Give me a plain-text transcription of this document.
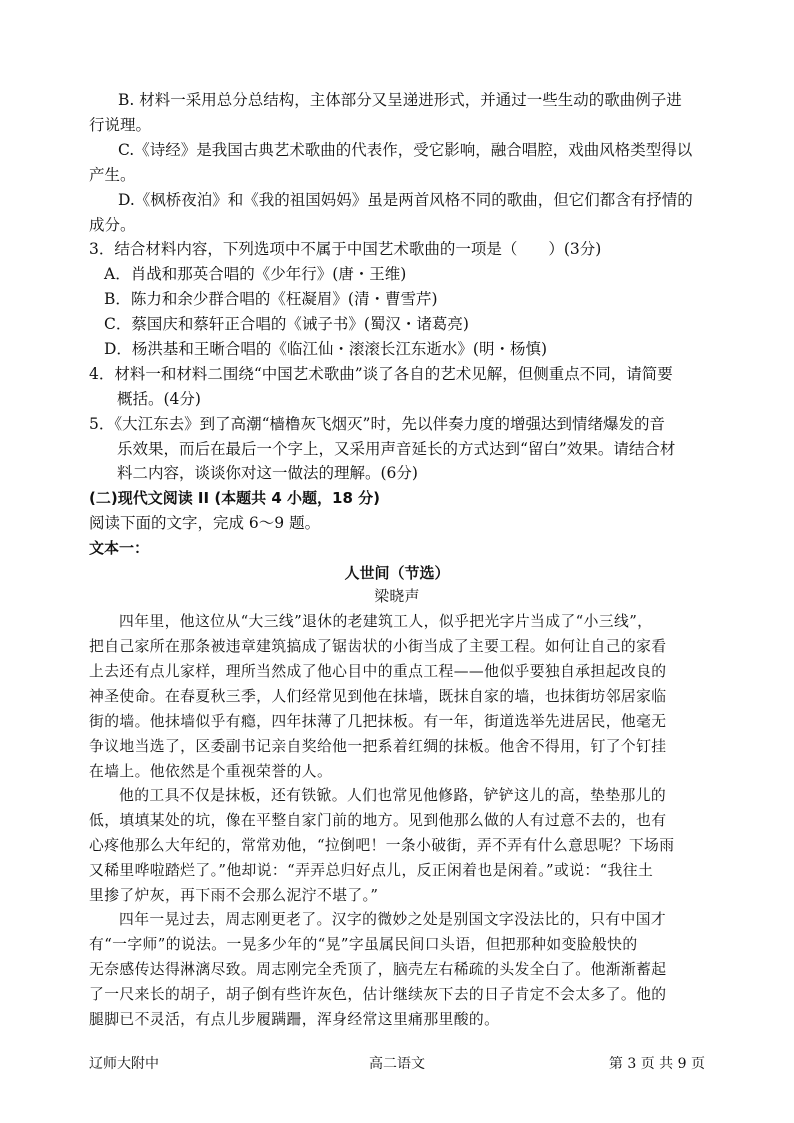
B. 材料一采用总分总结构，主体部分又呈递进形式，并通过一些生动的歌曲例子进
行说理。
C.《诗经》是我国古典艺术歌曲的代表作，受它影响，融合唱腔，戏曲风格类型得以
产生。
D.《枫桥夜泊》和《我的祖国妈妈》虽是两首风格不同的歌曲，但它们都含有抒情的
成分。
3．结合材料内容，下列选项中不属于中国艺术歌曲的一项是（　　）(3分)
A．肖战和那英合唱的《少年行》(唐・王维)
B．陈力和余少群合唱的《枉凝眉》(清・曹雪芹)
C．蔡国庆和蔡轩正合唱的《诫子书》(蜀汉・诸葛亮)
D．杨洪基和王晰合唱的《临江仙・滚滚长江东逝水》(明・杨慎)
4．材料一和材料二围绕“中国艺术歌曲”谈了各自的艺术见解，但侧重点不同，请简要
概括。(4分)
5．《大江东去》到了高潮“樯橹灰飞烟灭”时，先以伴奏力度的增强达到情绪爆发的音
乐效果，而后在最后一个字上，又采用声音延长的方式达到“留白”效果。请结合材
料二内容，谈谈你对这一做法的理解。(6分)
(二)现代文阅读 II (本题共 4 小题，18 分)
阅读下面的文字，完成 6～9 题。
文本一：
人世间（节选）
梁晓声
四年里，他这位从“大三线”退休的老建筑工人，似乎把光字片当成了“小三线”，
把自己家所在那条被违章建筑搞成了锯齿状的小街当成了主要工程。如何让自己的家看
上去还有点儿家样，理所当然成了他心目中的重点工程——他似乎要独自承担起改良的
神圣使命。在春夏秋三季，人们经常见到他在抹墙，既抹自家的墙，也抹街坊邻居家临
街的墙。他抹墙似乎有瘾，四年抹薄了几把抹板。有一年，街道选举先进居民，他毫无
争议地当选了，区委副书记亲自奖给他一把系着红绸的抹板。他舍不得用，钉了个钉挂
在墙上。他依然是个重视荣誉的人。
他的工具不仅是抹板，还有铁锨。人们也常见他修路，铲铲这儿的高，垫垫那儿的
低，填填某处的坑，像在平整自家门前的地方。见到他那么做的人有过意不去的，也有
心疼他那么大年纪的，常常劝他，“拉倒吧！一条小破街，弄不弄有什么意思呢？下场雨
又稀里哗啦踏烂了。”他却说：“弄弄总归好点儿，反正闲着也是闲着。”或说：“我往土
里掺了炉灰，再下雨不会那么泥泞不堪了。”
四年一晃过去，周志刚更老了。汉字的微妙之处是别国文字没法比的，只有中国才
有“一字师”的说法。一晃多少年的“晃”字虽属民间口头语，但把那种如变脸般快的
无奈感传达得淋漓尽致。周志刚完全秃顶了，脑壳左右稀疏的头发全白了。他渐渐蓄起
了一尺来长的胡子，胡子倒有些许灰色，估计继续灰下去的日子肯定不会太多了。他的
腿脚已不灵活，有点儿步履蹒跚，浑身经常这里痛那里酸的。
辽师大附中	高二语文	第 3 页 共 9 页
